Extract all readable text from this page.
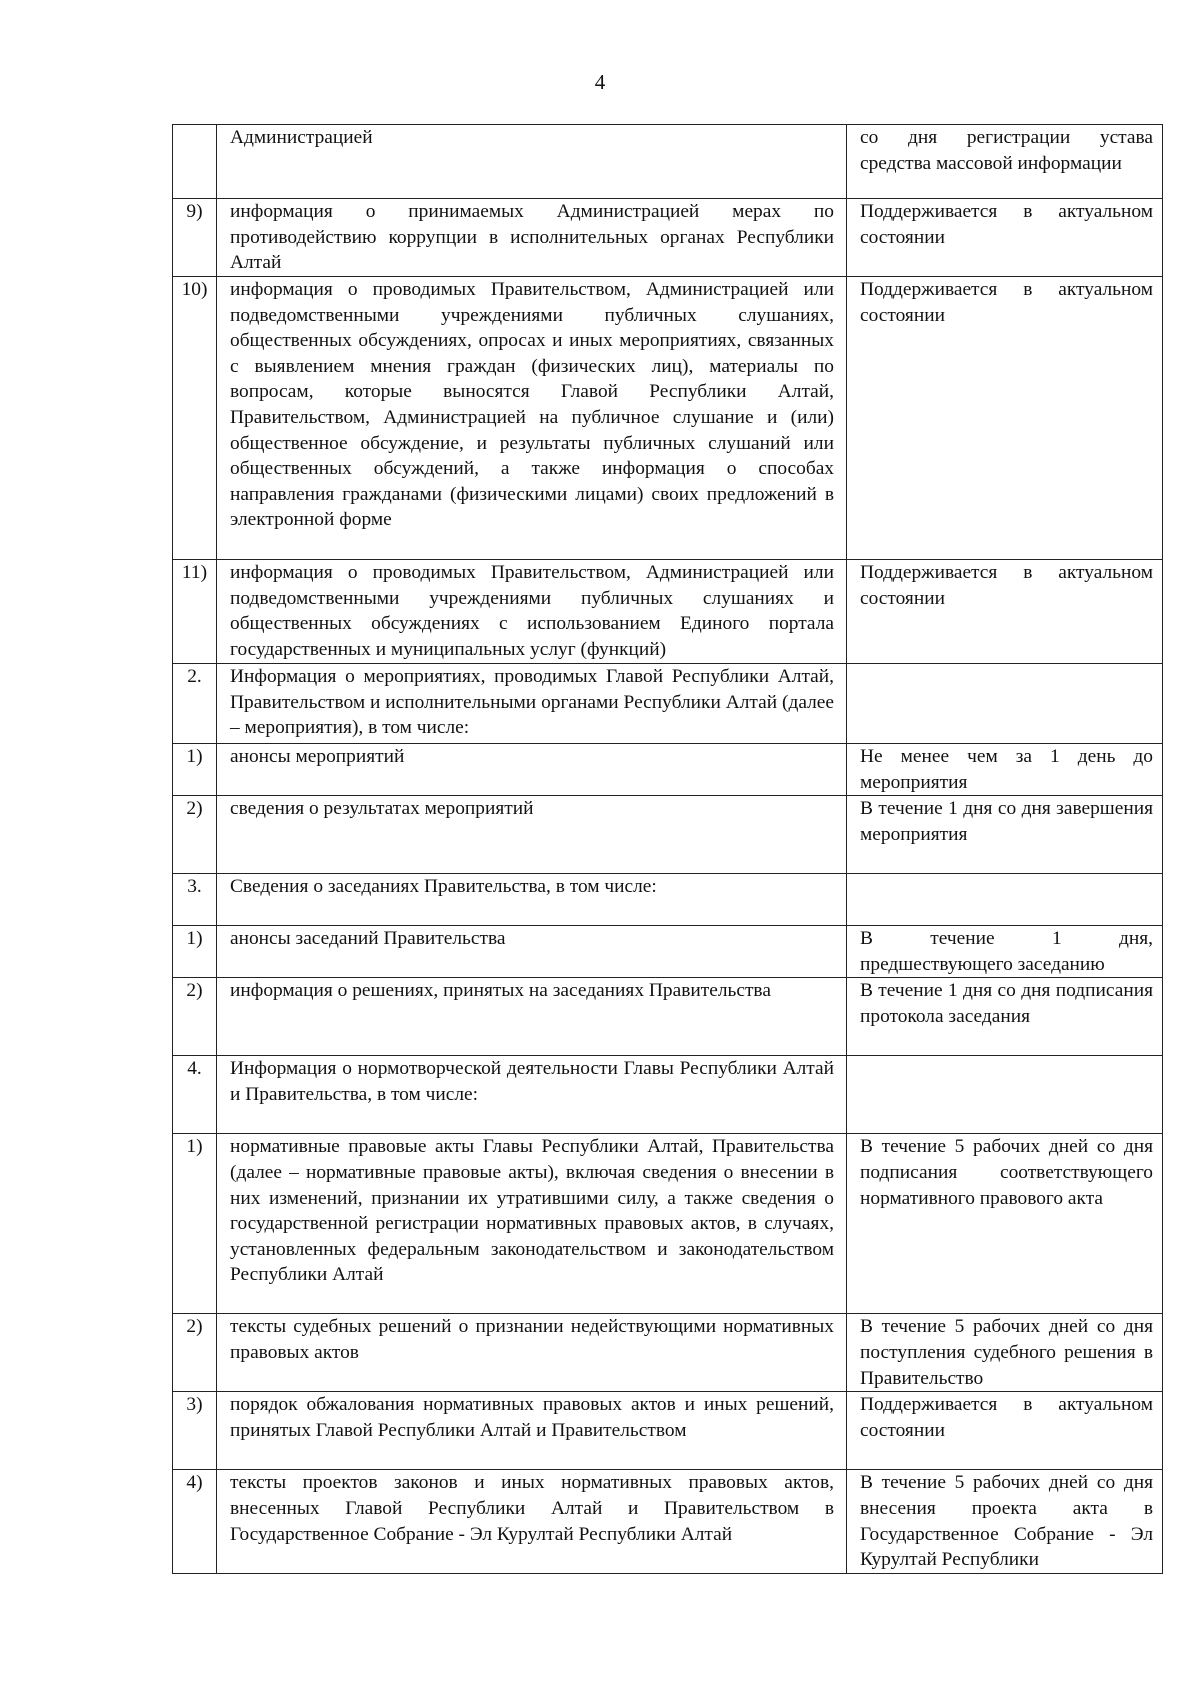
4
	Администрацией	со дня регистрации устава средства массовой информации
9)	информация о принимаемых Администрацией мерах по противодействию коррупции в исполнительных органах Республики Алтай	Поддерживается в актуальном состоянии
10)	информация о проводимых Правительством, Администрацией или подведомственными учреждениями публичных слушаниях, общественных обсуждениях, опросах и иных мероприятиях, связанных с выявлением мнения граждан (физических лиц), материалы по вопросам, которые выносятся Главой Республики Алтай, Правительством, Администрацией на публичное слушание и (или) общественное обсуждение, и результаты публичных слушаний или общественных обсуждений, а также информация о способах направления гражданами (физическими лицами) своих предложений в электронной форме	Поддерживается в актуальном состоянии
11)	информация о проводимых Правительством, Администрацией или подведомственными учреждениями публичных слушаниях и общественных обсуждениях с использованием Единого портала государственных и муниципальных услуг (функций)	Поддерживается в актуальном состоянии
2.	Информация о мероприятиях, проводимых Главой Республики Алтай, Правительством и исполнительными органами Республики Алтай (далее – мероприятия), в том числе:	
1)	анонсы мероприятий	Не менее чем за 1 день до мероприятия
2)	сведения о результатах мероприятий	В течение 1 дня со дня завершения мероприятия
3.	Сведения о заседаниях Правительства, в том числе:	
1)	анонсы заседаний Правительства	В течение 1 дня, предшествующего заседанию
2)	информация о решениях, принятых на заседаниях Правительства	В течение 1 дня со дня подписания протокола заседания
4.	Информация о нормотворческой деятельности Главы Республики Алтай и Правительства, в том числе:	
1)	нормативные правовые акты Главы Республики Алтай, Правительства (далее – нормативные правовые акты), включая сведения о внесении в них изменений, признании их утратившими силу, а также сведения о государственной регистрации нормативных правовых актов, в случаях, установленных федеральным законодательством и законодательством Республики Алтай	В течение 5 рабочих дней со дня подписания соответствующего нормативного правового акта
2)	тексты судебных решений о признании недействующими нормативных правовых актов	В течение 5 рабочих дней со дня поступления судебного решения в Правительство
3)	порядок обжалования нормативных правовых актов и иных решений, принятых Главой Республики Алтай и Правительством	Поддерживается в актуальном состоянии
4)	тексты проектов законов и иных нормативных правовых актов, внесенных Главой Республики Алтай и Правительством в Государственное Собрание - Эл Курултай Республики Алтай	В течение 5 рабочих дней со дня внесения проекта акта в Государственное Собрание - Эл Курултай Республики
